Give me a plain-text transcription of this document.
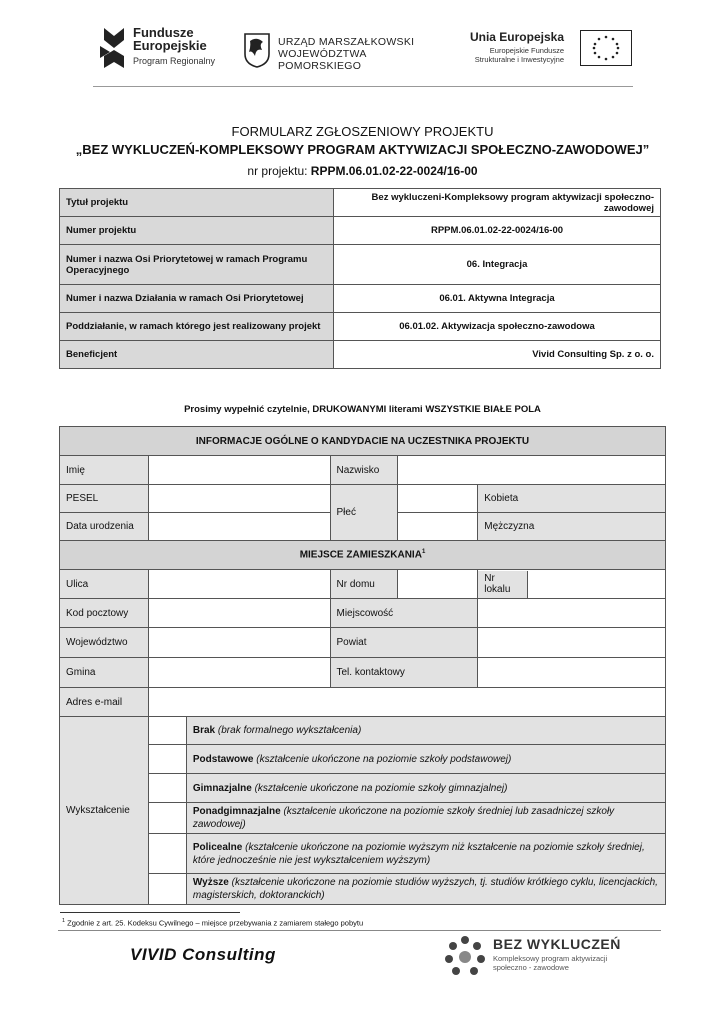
Fundusze
Europejskie
Program Regionalny
URZĄD MARSZAŁKOWSKI
WOJEWÓDZTWA POMORSKIEGO
Unia Europejska
Europejskie Fundusze
Strukturalne i Inwestycyjne
FORMULARZ ZGŁOSZENIOWY PROJEKTU
„BEZ WYKLUCZEŃ-KOMPLEKSOWY PROGRAM AKTYWIZACJI SPOŁECZNO-ZAWODOWEJ”
nr projektu: RPPM.06.01.02-22-0024/16-00
Tytuł projektu	Bez wykluczeni-Kompleksowy program aktywizacji społeczno-zawodowej
Numer projektu	RPPM.06.01.02-22-0024/16-00
Numer i nazwa Osi Priorytetowej w ramach Programu Operacyjnego	06. Integracja
Numer i nazwa Działania w ramach Osi Priorytetowej	06.01. Aktywna Integracja
Poddziałanie, w ramach którego jest realizowany projekt	06.01.02. Aktywizacja społeczno-zawodowa
Beneficjent	Vivid Consulting Sp. z o. o.
Prosimy wypełnić czytelnie, DRUKOWANYMI literami WSZYSTKIE BIAŁE POLA
INFORMACJE OGÓLNE O KANDYDACIE NA UCZESTNIKA PROJEKTU					
Imię			Nazwisko		
PESEL			Płeć		Kobieta
Data urodzenia					Mężczyzna
MIEJSCE ZAMIESZKANIA$^1$
Ulica			Nr domu		Nr lokalu

Kod pocztowy			Miejscowość		
Województwo			Powiat		
Gmina			Tel. kontaktowy		
Adres e-mail					
Wykształcenie		Brak (brak formalnego wykształcenia)			
		Podstawowe (kształcenie ukończone na poziomie szkoły podstawowej)			
		Gimnazjalne (kształcenie ukończone na poziomie szkoły gimnazjalnej)			
		Ponadgimnazjalne (kształcenie ukończone na poziomie szkoły średniej lub zasadniczej szkoły zawodowej)			
		Policealne (kształcenie ukończone na poziomie wyższym niż kształcenie na poziomie szkoły średniej, które jednocześnie nie jest wykształceniem wyższym)			
		Wyższe (kształcenie ukończone na poziomie studiów wyższych, tj. studiów krótkiego cyklu, licencjackich, magisterskich, doktoranckich)			
$^1$ Zgodnie z art. 25. Kodeksu Cywilnego – miejsce przebywania z zamiarem stałego pobytu
VIVID Consulting
BEZ WYKLUCZEŃ
Kompleksowy program aktywizacji
społeczno - zawodowe
